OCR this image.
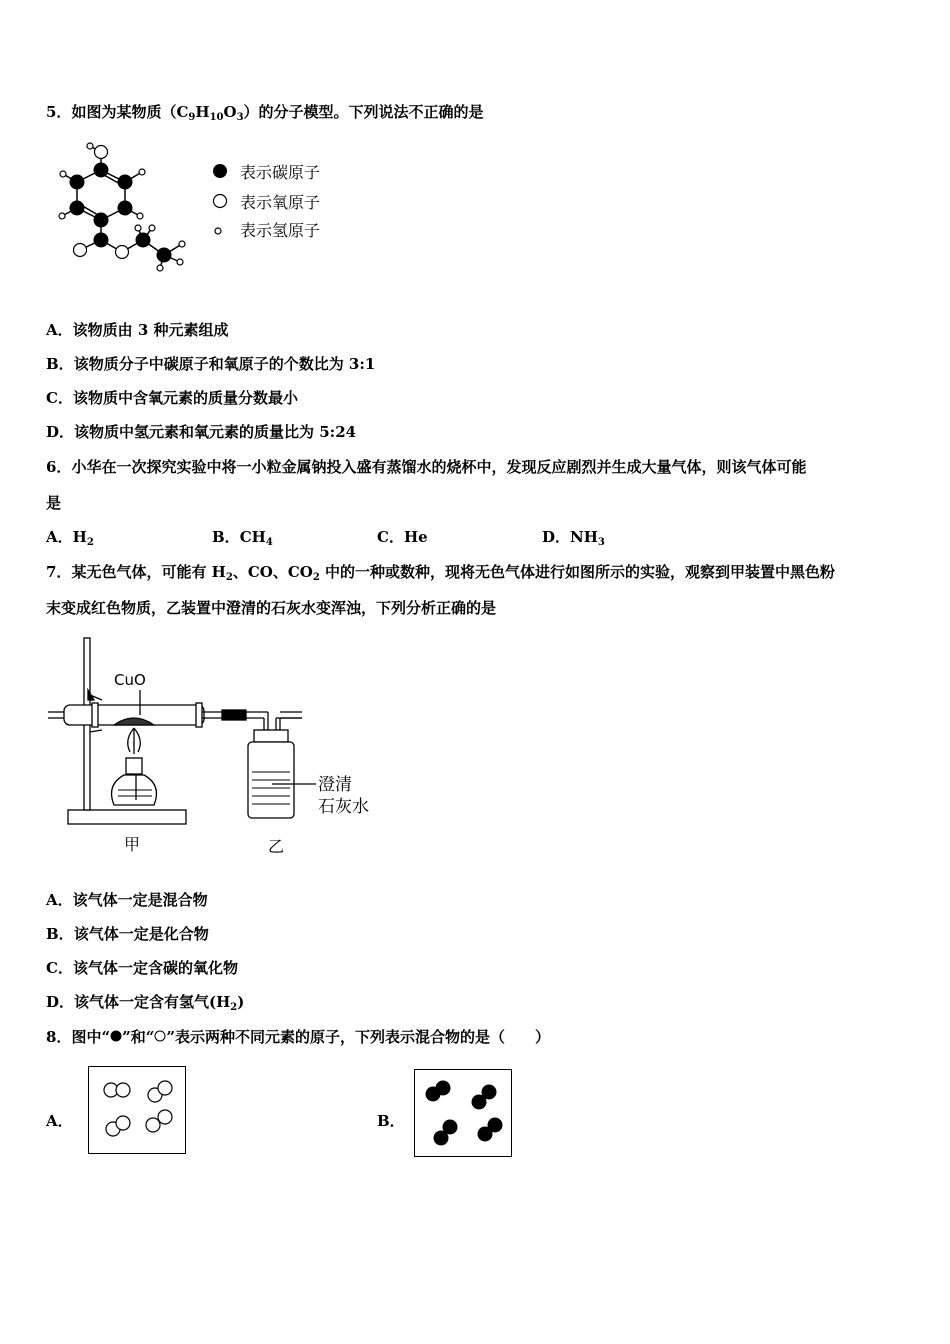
5．如图为某物质$(C_9H_{10}O_3)$的分子模型。下列说法不正确的是
表示碳原子
表示氧原子
表示氢原子
A．该物质由 3 种元素组成
B．该物质分子中碳原子和氧原子的个数比为 3:1
C．该物质中含氧元素的质量分数最小
D．该物质中氢元素和氧元素的质量比为 5:24
6．小华在一次探究实验中将一小粒金属钠投入盛有蒸馏水的烧杯中，发现反应剧烈并生成大量气体，则该气体可能
是
A．$H_2$	B．$CH_4$	C．He	D．$NH_3$
7．某无色气体，可能有 $H_2$、CO、$CO_2$ 中的一种或数种，现将无色气体进行如图所示的实验，观察到甲装置中黑色粉
末变成红色物质，乙装置中澄清的石灰水变浑浊，下列分析正确的是
CuO
澄清
石灰水
甲	乙
A．该气体一定是混合物
B．该气体一定是化合物
C．该气体一定含碳的氧化物
D．该气体一定含有氢气$(H_2)$
8．图中“ ”和“ ”表示两种不同元素的原子，下列表示混合物的是（　　）
A．	B．
